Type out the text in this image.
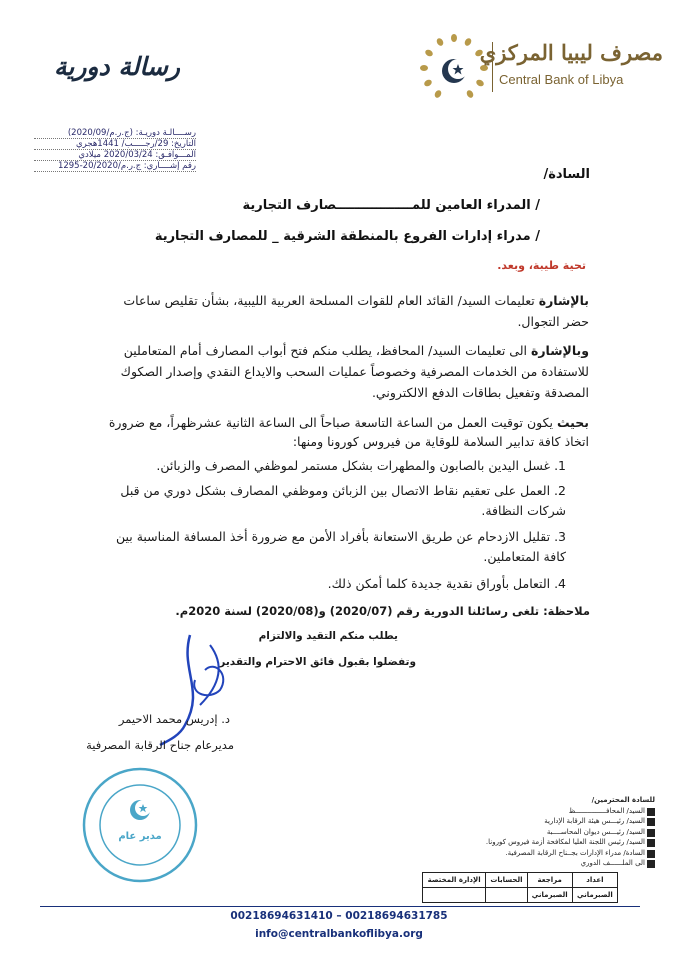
مصرف ليبيا المركزي
Central Bank of Libya
رسالة دورية
رســــالـة دوريـة: (ج.ر.م/2020/09)
التاريخ: 29/رجـــــب/ 1441هجري
المـــوافـق: 2020/03/24 ميلادي
رقم إشــــاري: ج.ر.م/20/2020-1295
السادة/
/ المدراء العامين للمـــــــــــــــــصارف التجارية
/ مدراء إدارات الفروع بالمنطقة الشرقية _ للمصارف التجارية
تحية طيبة، وبعد.
بالإشارة تعليمات السيد/ القائد العام للقوات المسلحة العربية الليبية، بشأن تقليص ساعات حضر التجوال.
وبالإشارة الى تعليمات السيد/ المحافظ، يطلب منكم فتح أبواب المصارف أمام المتعاملين للاستفادة من الخدمات المصرفية وخصوصاً عمليات السحب والايداع النقدي وإصدار الصكوك المصدقة وتفعيل بطاقات الدفع الالكتروني.
بحيث يكون توقيت العمل من الساعة التاسعة صباحاً الى الساعة الثانية عشرظهراً، مع ضرورة اتخاذ كافة تدابير السلامة للوقاية من فيروس كورونا ومنها:
1. غسل اليدين بالصابون والمطهرات بشكل مستمر لموظفي المصرف والزبائن.
2. العمل على تعقيم نقاط الاتصال بين الزبائن وموظفي المصارف بشكل دوري من قبل شركات النظافة.
3. تقليل الازدحام عن طريق الاستعانة بأفراد الأمن مع ضرورة أخذ المسافة المناسبة بين كافة المتعاملين.
4. التعامل بأوراق نقدية جديدة كلما أمكن ذلك.
ملاحظة: تلغى رسائلنا الدورية رقم (2020/07) و(2020/08) لسنة 2020م.
يطلب منكم التقيد والالتزام
وتفضلوا بقبول فائق الاحترام والتقدير
د. إدريس محمد الاحيمر
مديرعام جناح الرقابة المصرفية
مدير عام
للسادة المحترمين/
السيد/ المحافـــــــــــــــظ
السيد/ رئيـــس هيئة الرقابة الإدارية
السيد/ رئيـــس ديوان المحاســــبة
السيد/ رئيس اللجنة العليا لمكافحة أزمة فيروس كورونا.
السادة/ مدراء الإدارات بجــناح الرقابة المصرفية.
الى الملــــــف الدوري
الإدارة المختصة	الحسابات	مراجعة	اعداد
		الصبرماني	الصبرماني
00218694631410 – 00218694631785
info@centralbankoflibya.org
